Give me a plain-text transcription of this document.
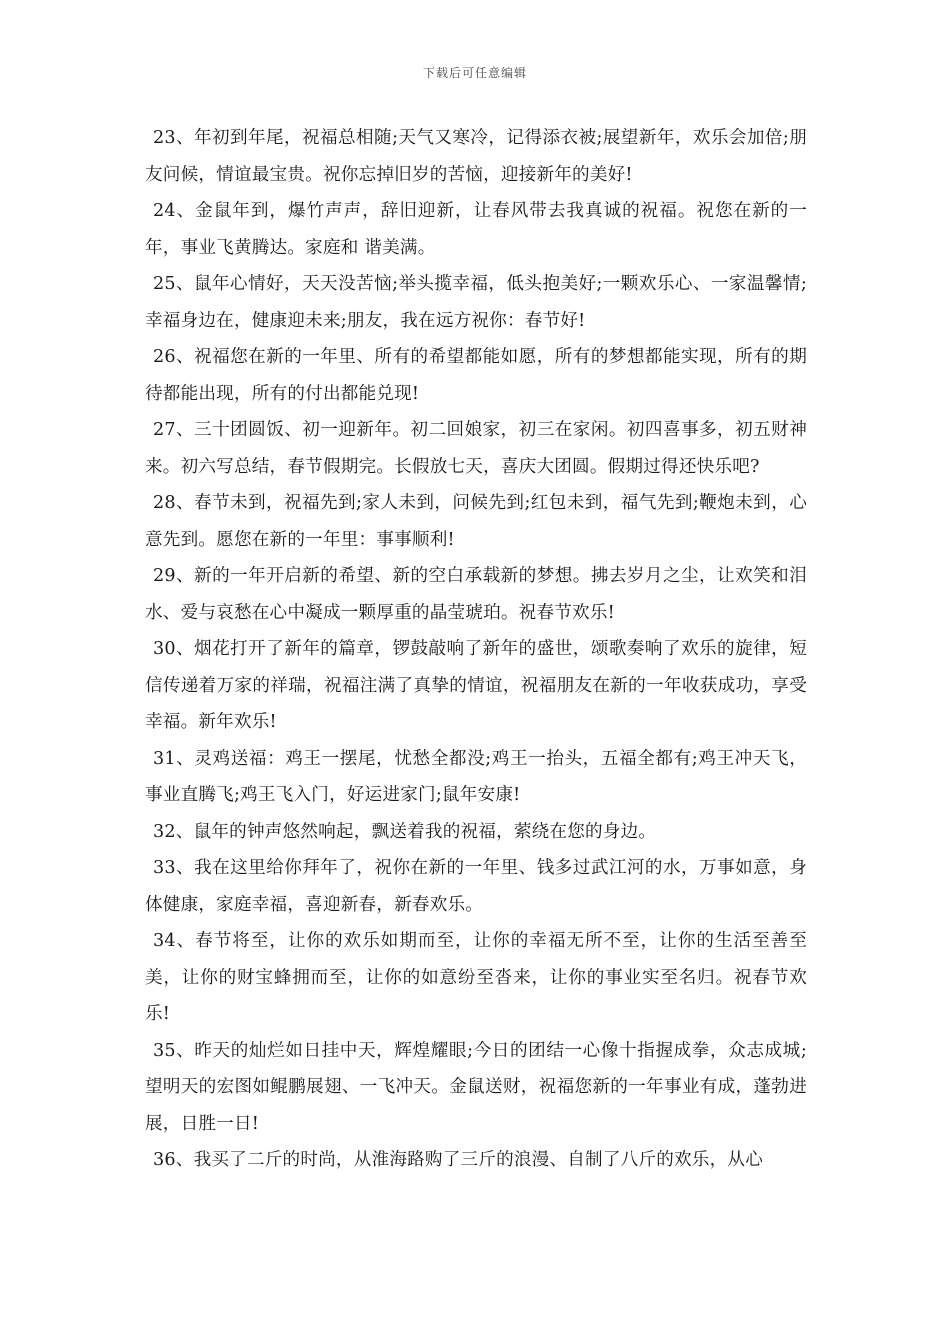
下载后可任意编辑

23、年初到年尾，祝福总相随;天气又寒冷，记得添衣被;展望新年，欢乐会加倍;朋友问候，情谊最宝贵。祝你忘掉旧岁的苦恼，迎接新年的美好!

24、金鼠年到，爆竹声声，辞旧迎新，让春风带去我真诚的祝福。祝您在新的一年，事业飞黄腾达。家庭和 谐美满。

25、鼠年心情好，天天没苦恼;举头揽幸福，低头抱美好;一颗欢乐心、一家温馨情;幸福身边在，健康迎未来;朋友，我在远方祝你：春节好!

26、祝福您在新的一年里、所有的希望都能如愿，所有的梦想都能实现，所有的期待都能出现，所有的付出都能兑现!

27、三十团圆饭、初一迎新年。初二回娘家，初三在家闲。初四喜事多，初五财神来。初六写总结，春节假期完。长假放七天，喜庆大团圆。假期过得还快乐吧?

28、春节未到，祝福先到;家人未到，问候先到;红包未到，福气先到;鞭炮未到，心意先到。愿您在新的一年里：事事顺利!

29、新的一年开启新的希望、新的空白承载新的梦想。拂去岁月之尘，让欢笑和泪水、爱与哀愁在心中凝成一颗厚重的晶莹琥珀。祝春节欢乐!

30、烟花打开了新年的篇章，锣鼓敲响了新年的盛世，颂歌奏响了欢乐的旋律，短信传递着万家的祥瑞，祝福注满了真挚的情谊，祝福朋友在新的一年收获成功，享受幸福。新年欢乐!

31、灵鸡送福：鸡王一摆尾，忧愁全都没;鸡王一抬头，五福全都有;鸡王冲天飞，事业直腾飞;鸡王飞入门，好运进家门;鼠年安康!

32、鼠年的钟声悠然响起，飘送着我的祝福，萦绕在您的身边。

33、我在这里给你拜年了，祝你在新的一年里、钱多过武江河的水，万事如意，身体健康，家庭幸福，喜迎新春，新春欢乐。

34、春节将至，让你的欢乐如期而至，让你的幸福无所不至，让你的生活至善至美，让你的财宝蜂拥而至，让你的如意纷至沓来，让你的事业实至名归。祝春节欢乐!

35、昨天的灿烂如日挂中天，辉煌耀眼;今日的团结一心像十指握成拳，众志成城;望明天的宏图如鲲鹏展翅、一飞冲天。金鼠送财，祝福您新的一年事业有成，蓬勃进展，日胜一日!

36、我买了二斤的时尚，从淮海路购了三斤的浪漫、自制了八斤的欢乐，从心
